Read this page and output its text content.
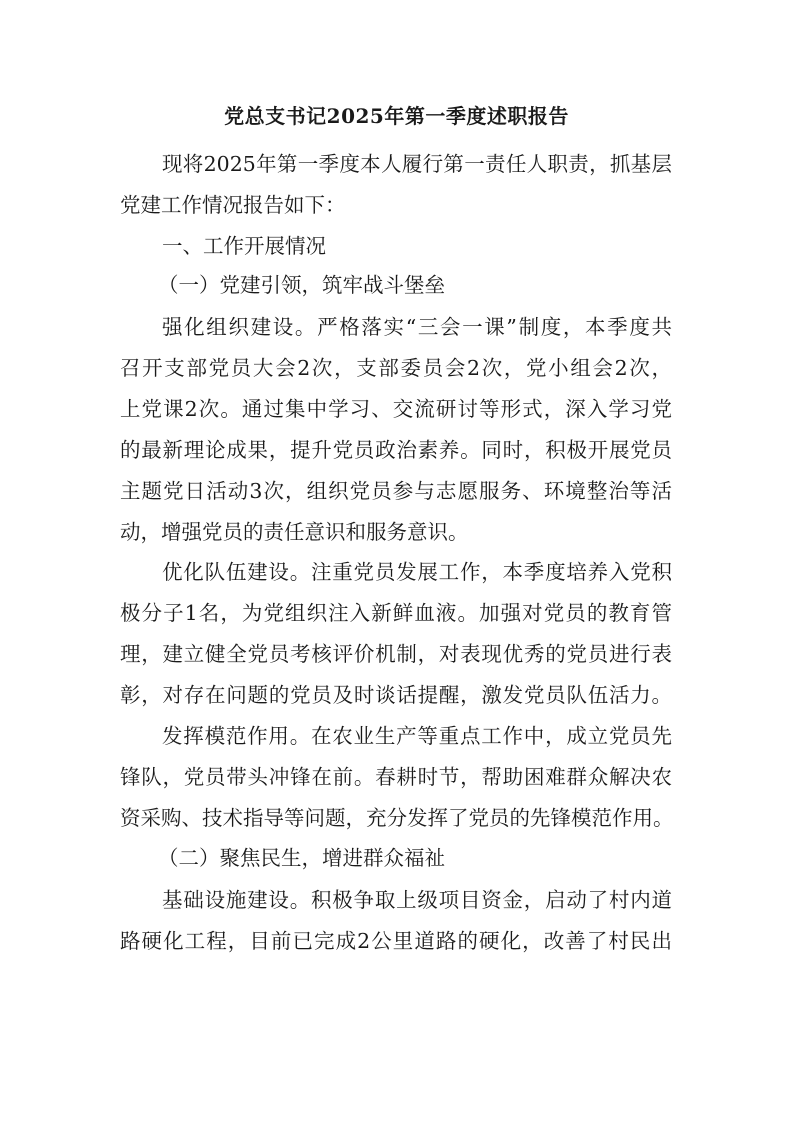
党总支书记2025年第一季度述职报告
现将2025年第一季度本人履行第一责任人职责，抓基层
党建工作情况报告如下：
一、工作开展情况
（一）党建引领，筑牢战斗堡垒
强化组织建设。严格落实“三会一课”制度，本季度共
召开支部党员大会2次，支部委员会2次，党小组会2次，
上党课2次。通过集中学习、交流研讨等形式，深入学习党
的最新理论成果，提升党员政治素养。同时，积极开展党员
主题党日活动3次，组织党员参与志愿服务、环境整治等活
动，增强党员的责任意识和服务意识。
优化队伍建设。注重党员发展工作，本季度培养入党积
极分子1名，为党组织注入新鲜血液。加强对党员的教育管
理，建立健全党员考核评价机制，对表现优秀的党员进行表
彰，对存在问题的党员及时谈话提醒，激发党员队伍活力。
发挥模范作用。在农业生产等重点工作中，成立党员先
锋队，党员带头冲锋在前。春耕时节，帮助困难群众解决农
资采购、技术指导等问题，充分发挥了党员的先锋模范作用。
（二）聚焦民生，增进群众福祉
基础设施建设。积极争取上级项目资金，启动了村内道
路硬化工程，目前已完成2公里道路的硬化，改善了村民出
